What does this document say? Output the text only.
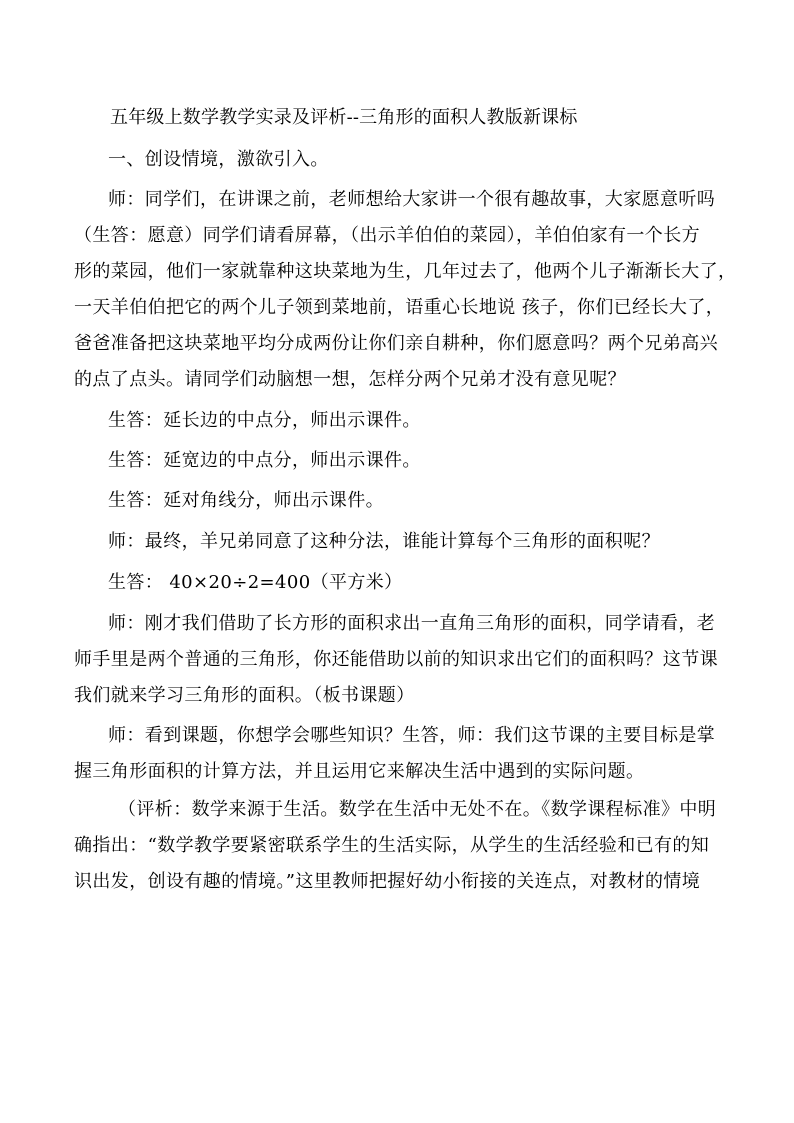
五年级上数学教学实录及评析--三角形的面积人教版新课标
一、创设情境，激欲引入。
师：同学们，在讲课之前，老师想给大家讲一个很有趣故事，大家愿意听吗
（生答：愿意）同学们请看屏幕，（出示羊伯伯的菜园），羊伯伯家有一个长方
形的菜园，他们一家就靠种这块菜地为生，几年过去了，他两个儿子渐渐长大了，
一天羊伯伯把它的两个儿子领到菜地前，语重心长地说 孩子，你们已经长大了，
爸爸准备把这块菜地平均分成两份让你们亲自耕种，你们愿意吗？两个兄弟高兴
的点了点头。请同学们动脑想一想，怎样分两个兄弟才没有意见呢？
生答：延长边的中点分，师出示课件。
生答：延宽边的中点分，师出示课件。
生答：延对角线分，师出示课件。
师：最终，羊兄弟同意了这种分法，谁能计算每个三角形的面积呢？
生答： 40×20÷2=400（平方米）
师：刚才我们借助了长方形的面积求出一直角三角形的面积，同学请看，老
师手里是两个普通的三角形，你还能借助以前的知识求出它们的面积吗？这节课
我们就来学习三角形的面积。（板书课题）
师：看到课题，你想学会哪些知识？生答，师：我们这节课的主要目标是掌
握三角形面积的计算方法，并且运用它来解决生活中遇到的实际问题。
（评析：数学来源于生活。数学在生活中无处不在。《数学课程标准》中明
确指出：“数学教学要紧密联系学生的生活实际，从学生的生活经验和已有的知
识出发，创设有趣的情境。”这里教师把握好幼小衔接的关连点，对教材的情境
